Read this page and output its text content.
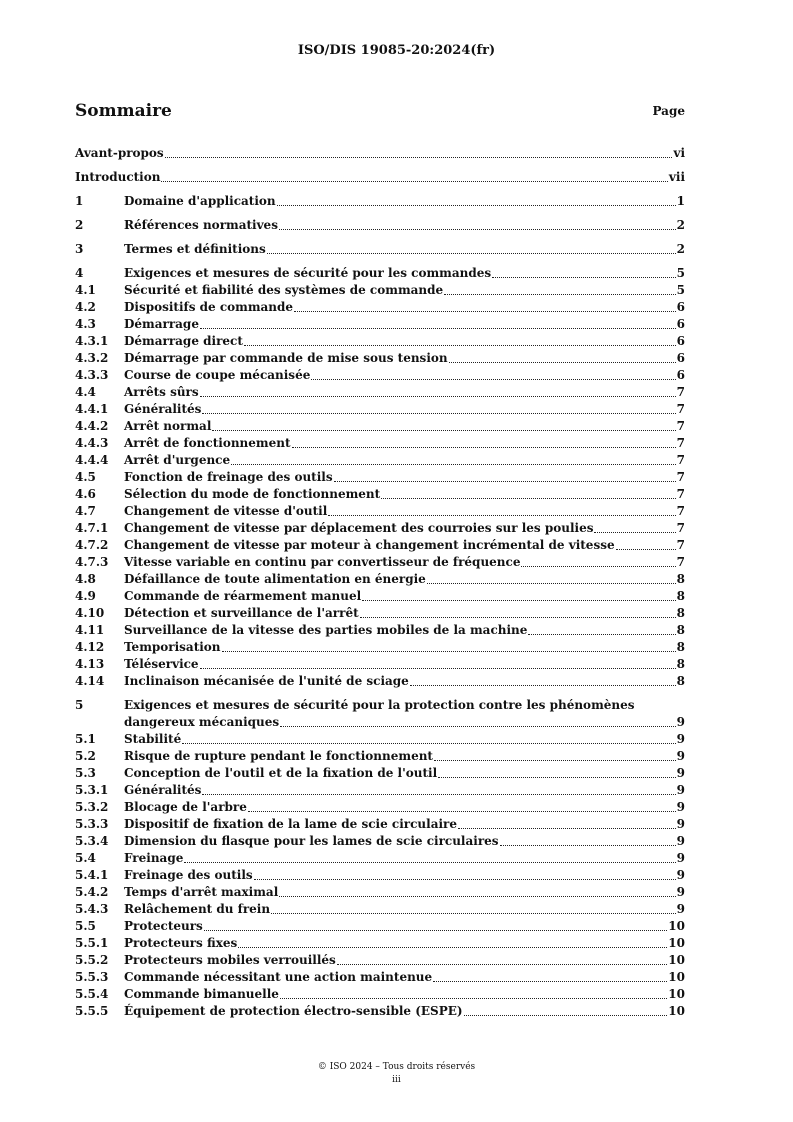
ISO/DIS 19085-20:2024(fr)
Sommaire	Page
Avant-propos	vi
Introduction	vii
1	Domaine d'application	1
2	Références normatives	2
3	Termes et définitions	2
4	Exigences et mesures de sécurité pour les commandes	5
4.1	Sécurité et fiabilité des systèmes de commande	5
4.2	Dispositifs de commande	6
4.3	Démarrage	6
4.3.1	Démarrage direct	6
4.3.2	Démarrage par commande de mise sous tension	6
4.3.3	Course de coupe mécanisée	6
4.4	Arrêts sûrs	7
4.4.1	Généralités	7
4.4.2	Arrêt normal	7
4.4.3	Arrêt de fonctionnement	7
4.4.4	Arrêt d'urgence	7
4.5	Fonction de freinage des outils	7
4.6	Sélection du mode de fonctionnement	7
4.7	Changement de vitesse d'outil	7
4.7.1	Changement de vitesse par déplacement des courroies sur les poulies	7
4.7.2	Changement de vitesse par moteur à changement incrémental de vitesse	7
4.7.3	Vitesse variable en continu par convertisseur de fréquence	7
4.8	Défaillance de toute alimentation en énergie	8
4.9	Commande de réarmement manuel	8
4.10	Détection et surveillance de l'arrêt	8
4.11	Surveillance de la vitesse des parties mobiles de la machine	8
4.12	Temporisation	8
4.13	Téléservice	8
4.14	Inclinaison mécanisée de l'unité de sciage	8
5	Exigences et mesures de sécurité pour la protection contre les phénomènes
dangereux mécaniques	9
5.1	Stabilité	9
5.2	Risque de rupture pendant le fonctionnement	9
5.3	Conception de l'outil et de la fixation de l'outil	9
5.3.1	Généralités	9
5.3.2	Blocage de l'arbre	9
5.3.3	Dispositif de fixation de la lame de scie circulaire	9
5.3.4	Dimension du flasque pour les lames de scie circulaires	9
5.4	Freinage	9
5.4.1	Freinage des outils	9
5.4.2	Temps d'arrêt maximal	9
5.4.3	Relâchement du frein	9
5.5	Protecteurs	10
5.5.1	Protecteurs fixes	10
5.5.2	Protecteurs mobiles verrouillés	10
5.5.3	Commande nécessitant une action maintenue	10
5.5.4	Commande bimanuelle	10
5.5.5	Équipement de protection électro-sensible (ESPE)	10
© ISO 2024 – Tous droits réservés
iii
